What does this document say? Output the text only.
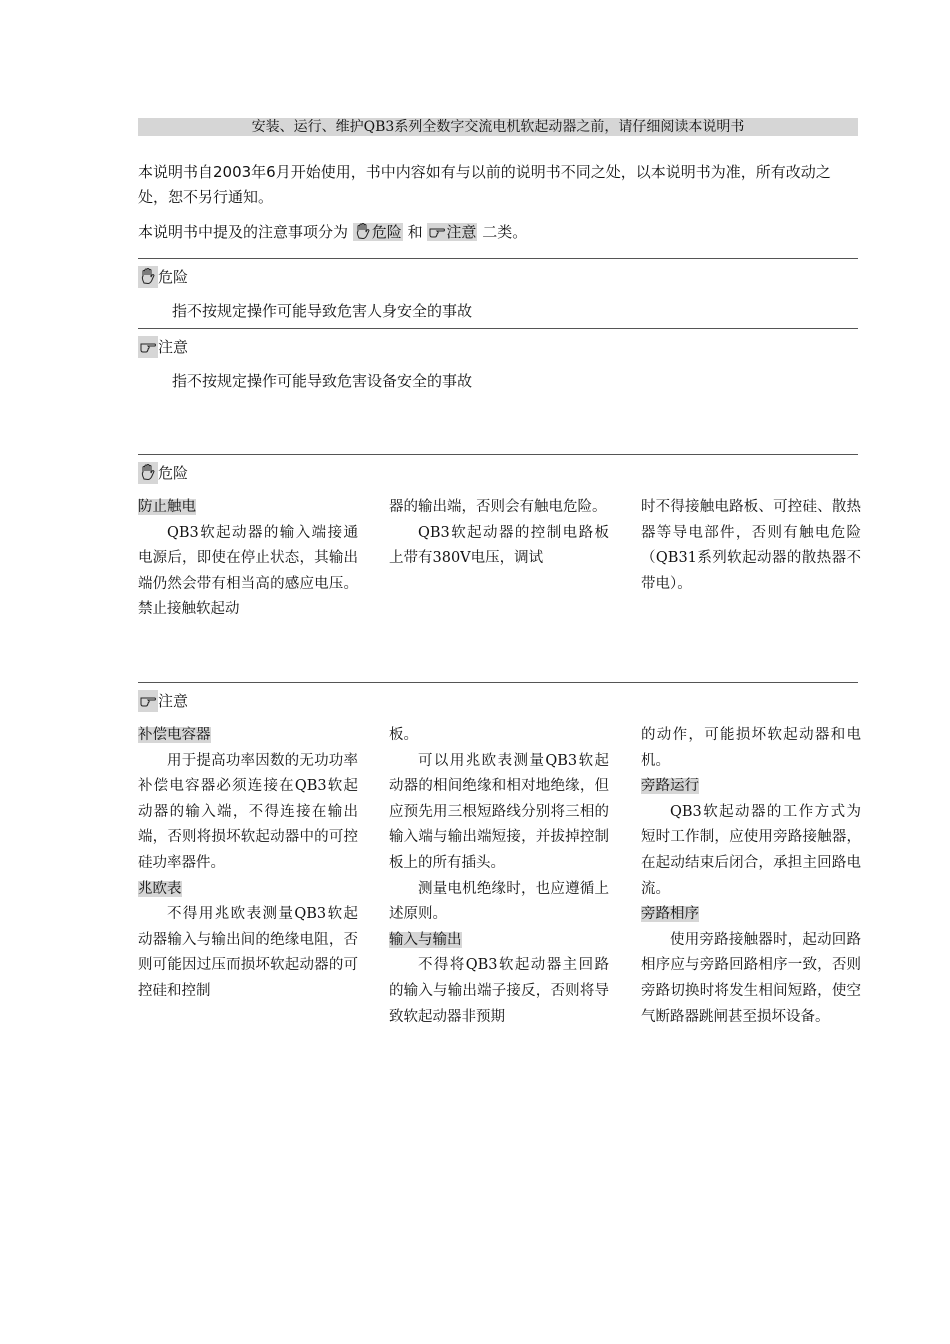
安装、运行、维护QB3系列全数字交流电机软起动器之前，请仔细阅读本说明书
本说明书自2003年6月开始使用，书中内容如有与以前的说明书不同之处，以本说明书为准，所有改动之处，恕不另行通知。
本说明书中提及的注意事项分为 危险 和 注意 二类。
危险
指不按规定操作可能导致危害人身安全的事故
注意
指不按规定操作可能导致危害设备安全的事故
危险
防止触电

QB3软起动器的输入端接通电源后，即使在停止状态，其输出端仍然会带有相当高的感应电压。禁止接触软起动

器的输出端，否则会有触电危险。

QB3软起动器的控制电路板上带有380V电压，调试

时不得接触电路板、可控硅、散热器等导电部件，否则有触电危险（QB31系列软起动器的散热器不带电）。

注意
补偿电容器

用于提高功率因数的无功功率补偿电容器必须连接在QB3软起动器的输入端，不得连接在输出端，否则将损坏软起动器中的可控硅功率器件。

兆欧表

不得用兆欧表测量QB3软起动器输入与输出间的绝缘电阻，否则可能因过压而损坏软起动器的可控硅和控制

板。

可以用兆欧表测量QB3软起动器的相间绝缘和相对地绝缘，但应预先用三根短路线分别将三相的输入端与输出端短接，并拔掉控制板上的所有插头。

测量电机绝缘时，也应遵循上述原则。

输入与输出

不得将QB3软起动器主回路的输入与输出端子接反，否则将导致软起动器非预期

的动作，可能损坏软起动器和电机。

旁路运行

QB3软起动器的工作方式为短时工作制，应使用旁路接触器，在起动结束后闭合，承担主回路电流。

旁路相序

使用旁路接触器时，起动回路相序应与旁路回路相序一致，否则旁路切换时将发生相间短路，使空气断路器跳闸甚至损坏设备。
